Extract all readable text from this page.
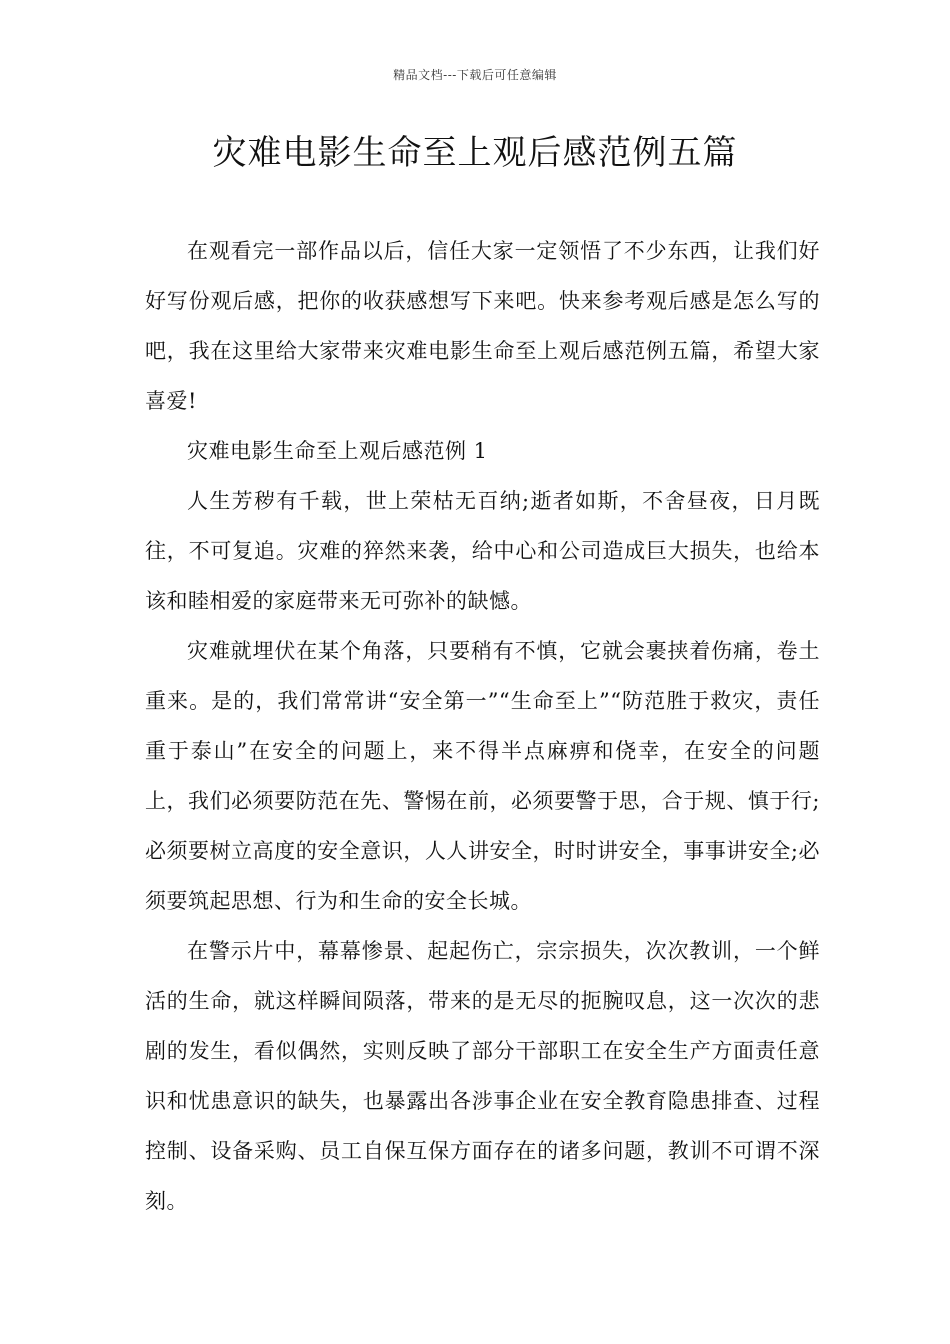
精品文档---下载后可任意编辑
灾难电影生命至上观后感范例五篇

在观看完一部作品以后，信任大家一定领悟了不少东西，让我们好好写份观后感，把你的收获感想写下来吧。快来参考观后感是怎么写的吧，我在这里给大家带来灾难电影生命至上观后感范例五篇，希望大家喜爱!

灾难电影生命至上观后感范例 1

人生芳秽有千载，世上荣枯无百纳;逝者如斯，不舍昼夜，日月既往，不可复追。灾难的猝然来袭，给中心和公司造成巨大损失，也给本该和睦相爱的家庭带来无可弥补的缺憾。

灾难就埋伏在某个角落，只要稍有不慎，它就会裹挟着伤痛，卷土重来。是的，我们常常讲“安全第一”“生命至上”“防范胜于救灾，责任重于泰山”在安全的问题上，来不得半点麻痹和侥幸，在安全的问题上，我们必须要防范在先、警惕在前，必须要警于思，合于规、慎于行;必须要树立高度的安全意识，人人讲安全，时时讲安全，事事讲安全;必须要筑起思想、行为和生命的安全长城。

在警示片中，幕幕惨景、起起伤亡，宗宗损失，次次教训，一个鲜活的生命，就这样瞬间陨落，带来的是无尽的扼腕叹息，这一次次的悲剧的发生，看似偶然，实则反映了部分干部职工在安全生产方面责任意识和忧患意识的缺失，也暴露出各涉事企业在安全教育隐患排查、过程控制、设备采购、员工自保互保方面存在的诸多问题，教训不可谓不深刻。
